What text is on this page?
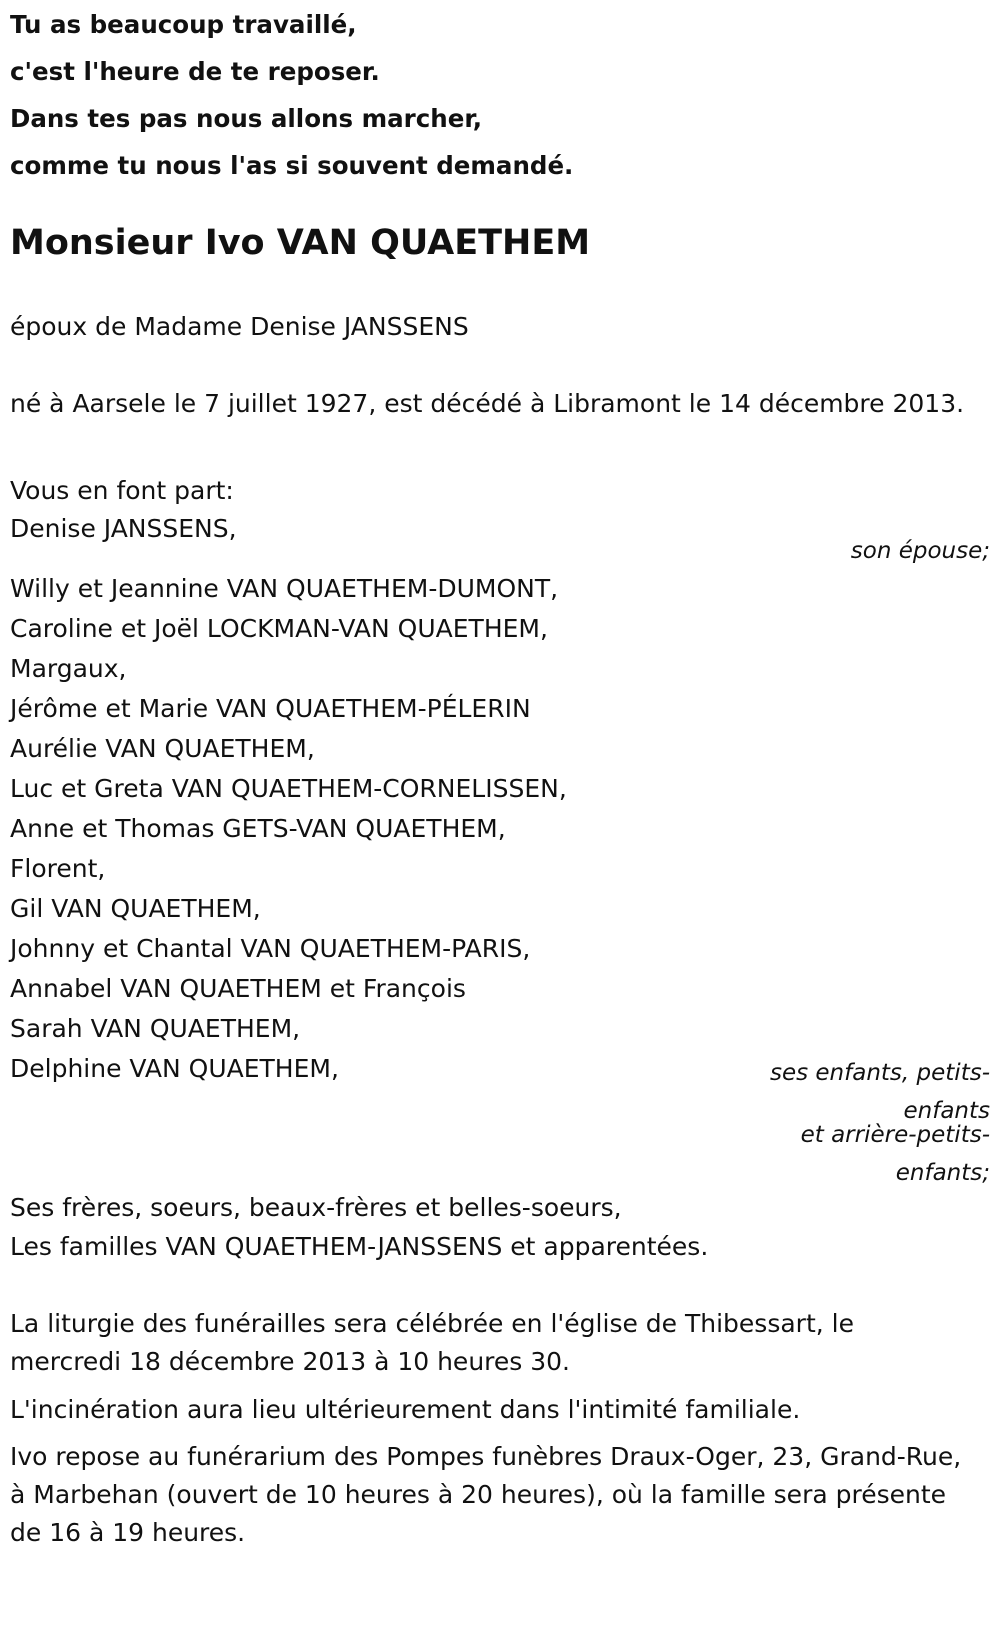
Tu as beaucoup travaillé,

c'est l'heure de te reposer.

Dans tes pas nous allons marcher,

comme tu nous l'as si souvent demandé.

Monsieur Ivo VAN QUAETHEM

époux de Madame Denise JANSSENS

né à Aarsele le 7 juillet 1927, est décédé à Libramont le 14 décembre 2013.

Vous en font part:

Denise JANSSENS,

son épouse;

Willy et Jeannine VAN QUAETHEM-DUMONT,
Caroline et Joël LOCKMAN-VAN QUAETHEM,
Margaux,
Jérôme et Marie VAN QUAETHEM-PÉLERIN
Aurélie VAN QUAETHEM,
Luc et Greta VAN QUAETHEM-CORNELISSEN,
Anne et Thomas GETS-VAN QUAETHEM,
Florent,
Gil VAN QUAETHEM,
Johnny et Chantal VAN QUAETHEM-PARIS,
Annabel VAN QUAETHEM et François
Sarah VAN QUAETHEM,
Delphine VAN QUAETHEM,	ses enfants, petits-enfants

et arrière-petits-enfants;

Ses frères, soeurs, beaux-frères et belles-soeurs,

Les familles VAN QUAETHEM-JANSSENS et apparentées.

La liturgie des funérailles sera célébrée en l'église de Thibessart, le mercredi 18 décembre 2013 à 10 heures 30.

L'incinération aura lieu ultérieurement dans l'intimité familiale.

Ivo repose au funérarium des Pompes funèbres Draux-Oger, 23, Grand-Rue, à Marbehan (ouvert de 10 heures à 20 heures), où la famille sera présente de 16 à 19 heures.
